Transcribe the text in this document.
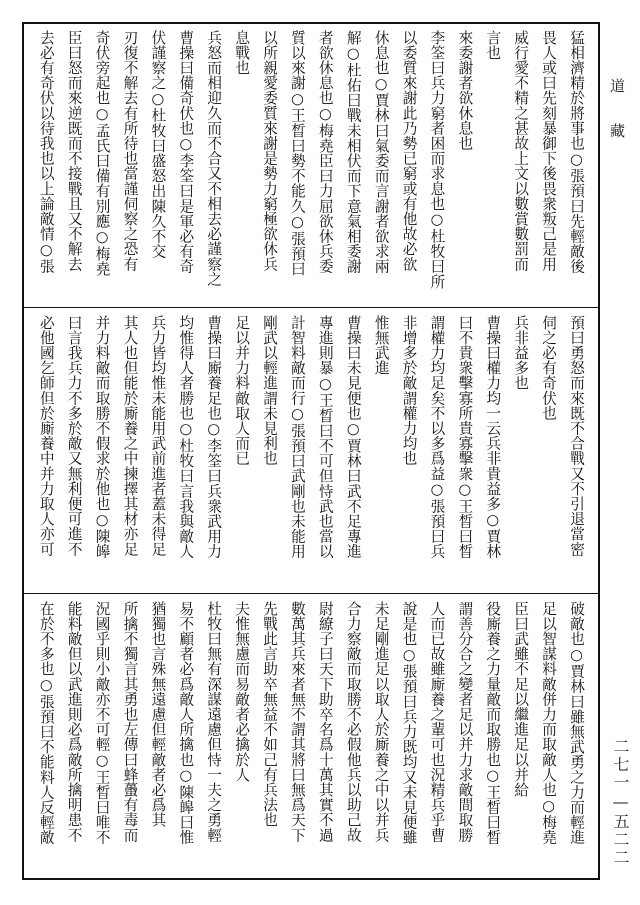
道藏
二七一—五二二
猛相濟精於將事也○張預曰先輕敵後
畏人或曰先刻暴御下後畏衆叛己是用
威行愛不精之甚故上文以數賞數罰而
言也
來委謝者欲休息也
李筌曰兵力窮者困而求息也○杜牧曰所
以委質來謝此乃勢已窮或有他故必欲
休息也○賈林曰氣委而言謝者欲求兩
解○杜佑曰戰未相伏而下意氣相委謝
者欲休息也○梅堯臣曰力屈欲休兵委
質以來謝○王晳曰勢不能久○張預曰
以所親愛委質來謝是勢力窮極欲休兵
息戰也
兵怒而相迎久而不合又不相去必謹察之
曹操曰備奇伏也○李筌曰是軍必有奇
伏謹察之○杜牧曰盛怒出陳久不交
刃復不解去有所待也當謹伺察之恐有
奇伏旁起也○孟氏曰備有別應○梅堯
臣曰怒而來逆既而不接戰且又不解去
去必有奇伏以待我也以上論敵情○張
預曰勇怒而來既不合戰又不引退當密
伺之必有奇伏也
兵非益多也
曹操曰權力均一云兵非貴益多○賈林
曰不貴衆擊寡所貴寡擊衆○王晳曰晳
謂權力均足矣不以多爲益○張預曰兵
非增多於敵謂權力均也
惟無武進
曹操曰未見便也○賈林曰武不足專進
專進則暴○王晳曰不可但恃武也當以
計智料敵而行○張預曰武剛也未能用
剛武以輕進謂未見利也
足以并力料敵取人而已
曹操曰廝養足也○李筌曰兵衆武用力
均惟得人者勝也○杜牧曰言我與敵人
兵力皆均惟未能用武前進者蓋未得足
其人也但能於廝養之中揀擇其材亦足
并力料敵而取勝不假求於他也○陳皞
曰言我兵力不多於敵又無利便可進不
必他國乞師但於廝養中并力取人亦可
破敵也○賈林曰雖無武勇之力而輕進
足以智謀料敵併力而取敵人也○梅堯
臣曰武雖不足以繼進足以并給
役廝養之力量敵而取勝也○王晳曰晳
謂善分合之變者足以并力求敵間取勝
人而已故雖廝養之輩可也況精兵乎曹
說是也○張預曰兵力既均又未見便雖
未足剛進足以取人於廝養之中以并兵
合力察敵而取勝不必假他兵以助己故
尉繚子曰天下助卒名爲十萬其實不過
數萬其兵來者無不謂其將曰無爲天下
先戰此言助卒無益不如己有兵法也
夫惟無慮而易敵者必擒於人
杜牧曰無有深謀遠慮但恃一夫之勇輕
易不顧者必爲敵人所擒也○陳皞曰惟
猶獨也言殊無遠慮但輕敵者必爲其
所擒不獨言其勇也左傳曰蜂蠆有毒而
況國乎則小敵亦不可輕○王晳曰唯不
能料敵但以武進則必爲敵所擒明患不
在於不多也○張預曰不能料人反輕敵
